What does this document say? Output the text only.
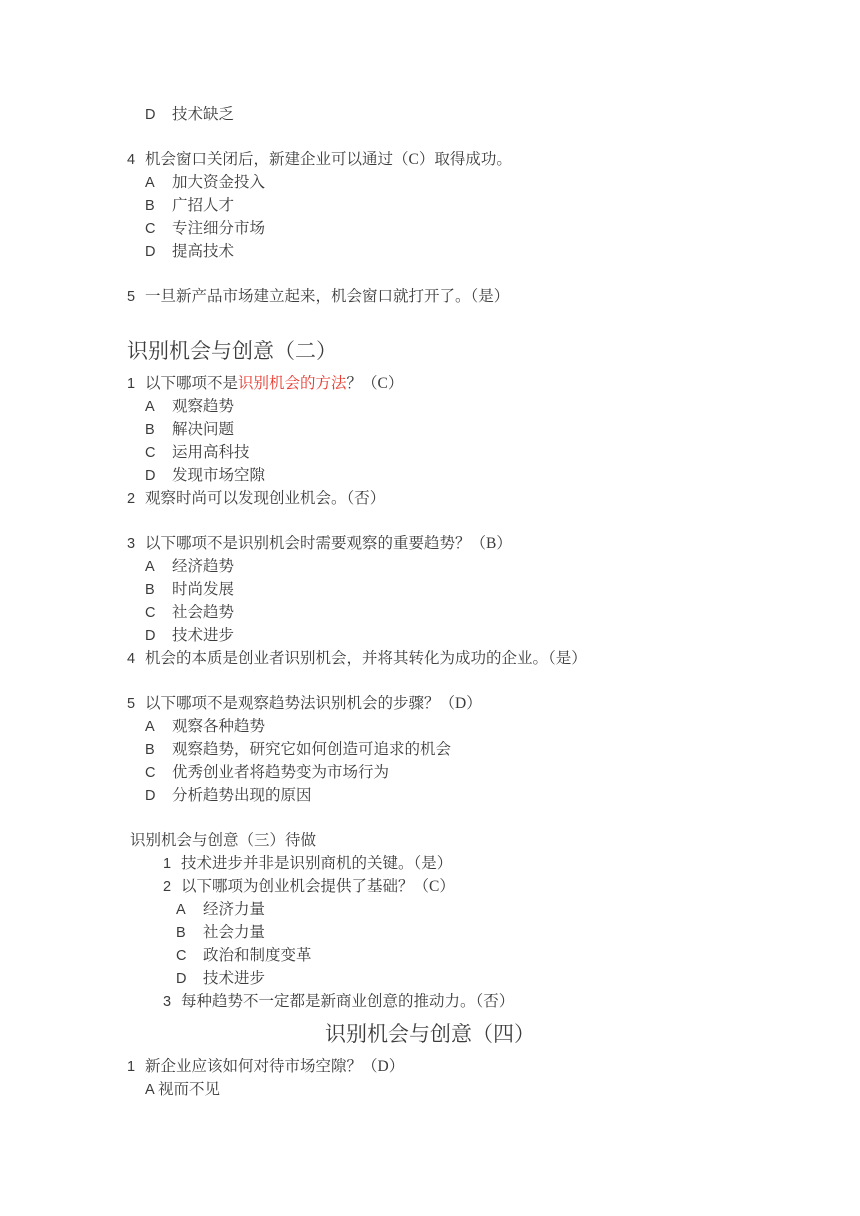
D 技术缺乏
4 机会窗口关闭后，新建企业可以通过（C）取得成功。
A 加大资金投入
B 广招人才
C 专注细分市场
D 提高技术
5 一旦新产品市场建立起来，机会窗口就打开了。（是）
识别机会与创意（二）
1 以下哪项不是识别机会的方法？（C）
A 观察趋势
B 解决问题
C 运用高科技
D 发现市场空隙
2 观察时尚可以发现创业机会。（否）
3 以下哪项不是识别机会时需要观察的重要趋势？（B）
A 经济趋势
B 时尚发展
C 社会趋势
D 技术进步
4 机会的本质是创业者识别机会，并将其转化为成功的企业。（是）
5 以下哪项不是观察趋势法识别机会的步骤？（D）
A 观察各种趋势
B 观察趋势，研究它如何创造可追求的机会
C 优秀创业者将趋势变为市场行为
D 分析趋势出现的原因
识别机会与创意（三）待做
1 技术进步并非是识别商机的关键。（是）
2 以下哪项为创业机会提供了基础？（C）
A 经济力量
B 社会力量
C 政治和制度变革
D 技术进步
3 每种趋势不一定都是新商业创意的推动力。（否）
识别机会与创意（四）
1 新企业应该如何对待市场空隙？（D）
A 视而不见
